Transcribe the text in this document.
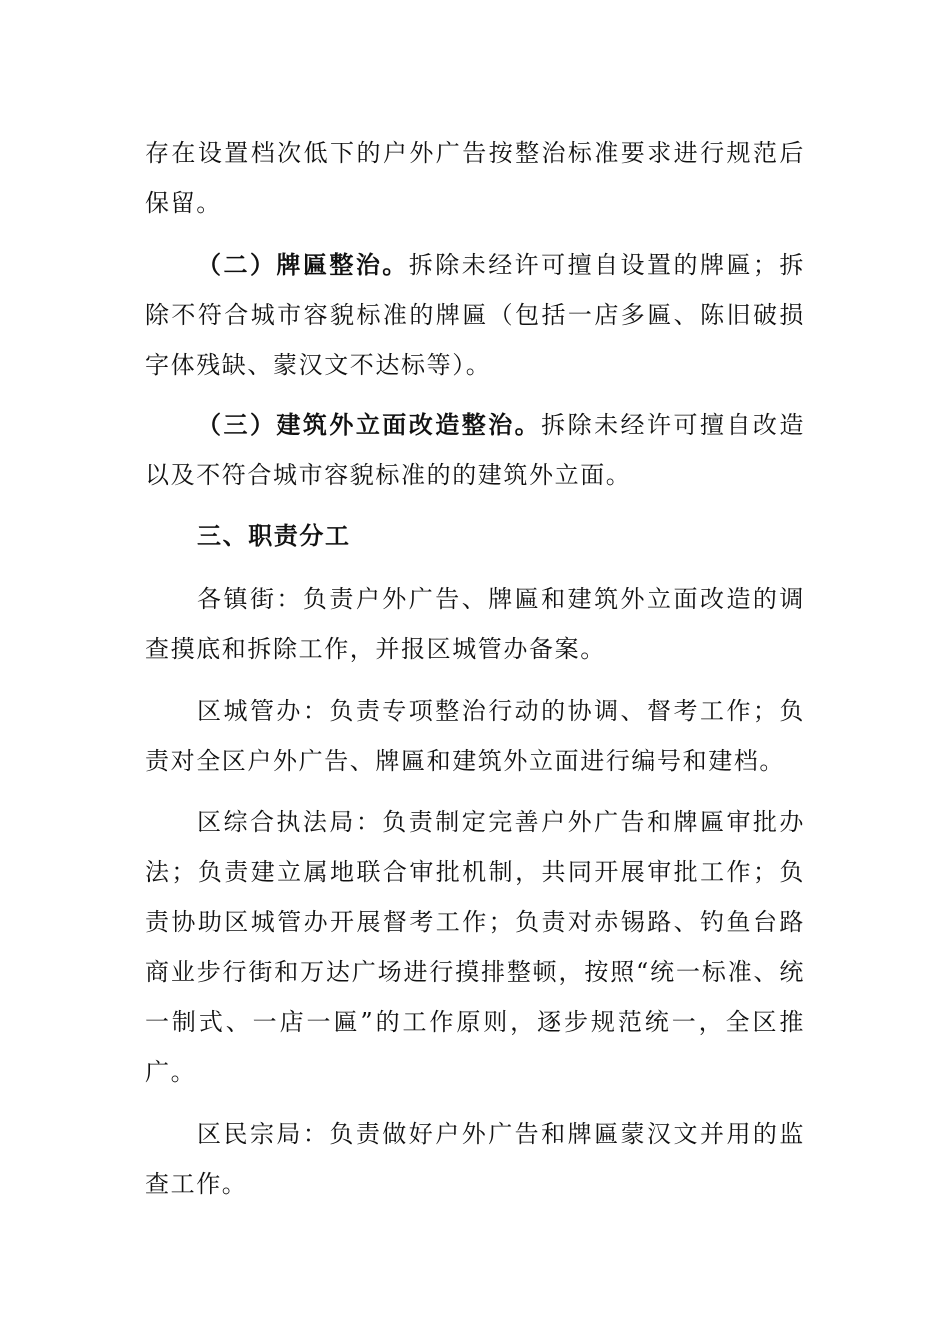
存在设置档次低下的户外广告按整治标准要求进行规范后保留。

（二）牌匾整治。拆除未经许可擅自设置的牌匾；拆除不符合城市容貌标准的牌匾（包括一店多匾、陈旧破损字体残缺、蒙汉文不达标等）。

（三）建筑外立面改造整治。拆除未经许可擅自改造以及不符合城市容貌标准的的建筑外立面。

三、职责分工

各镇街：负责户外广告、牌匾和建筑外立面改造的调查摸底和拆除工作，并报区城管办备案。

区城管办：负责专项整治行动的协调、督考工作；负责对全区户外广告、牌匾和建筑外立面进行编号和建档。

区综合执法局：负责制定完善户外广告和牌匾审批办法；负责建立属地联合审批机制，共同开展审批工作；负责协助区城管办开展督考工作；负责对赤锡路、钓鱼台路商业步行街和万达广场进行摸排整顿，按照“统一标准、统一制式、一店一匾”的工作原则，逐步规范统一，全区推广。

区民宗局：负责做好户外广告和牌匾蒙汉文并用的监查工作。
